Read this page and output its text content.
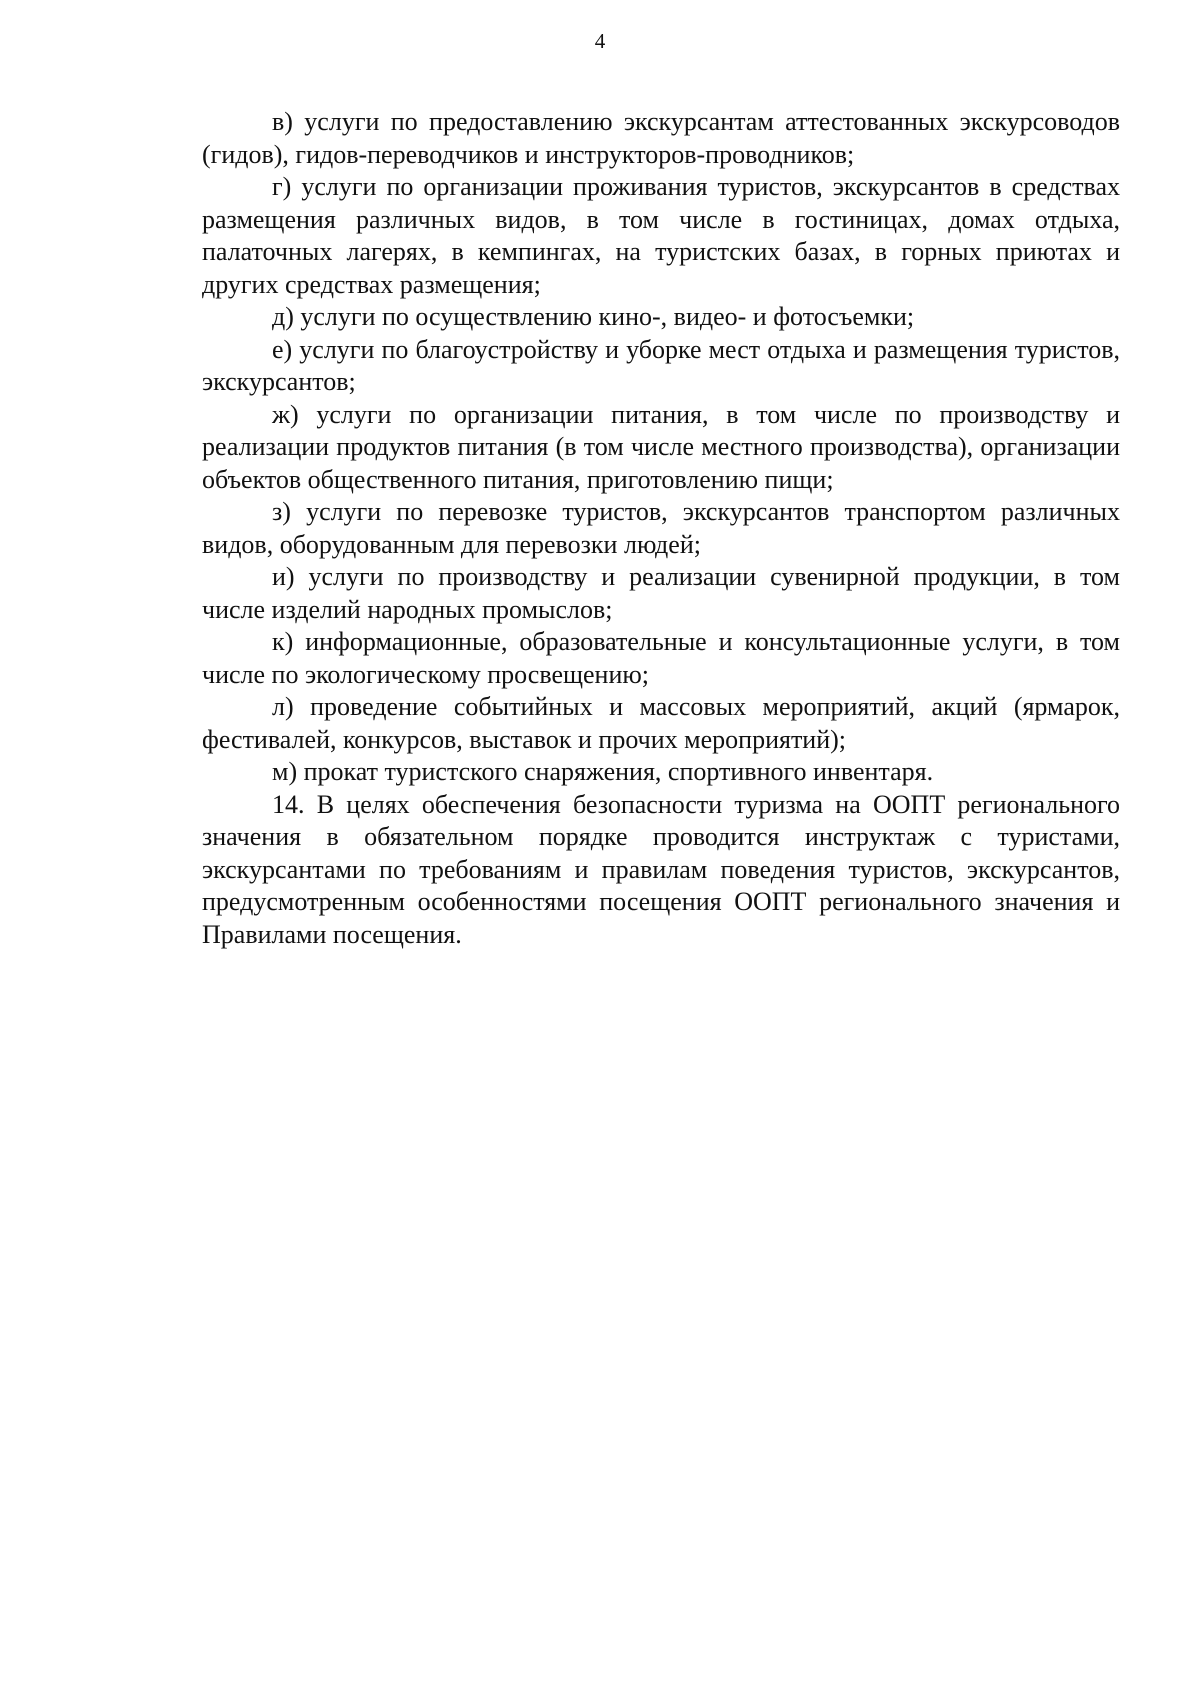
4

в) услуги по предоставлению экскурсантам аттестованных экскурсоводов (гидов), гидов-переводчиков и инструкторов-проводников;

г) услуги по организации проживания туристов, экскурсантов в средствах размещения различных видов, в том числе в гостиницах, домах отдыха, палаточных лагерях, в кемпингах, на туристских базах, в горных приютах и других средствах размещения;

д) услуги по осуществлению кино-, видео- и фотосъемки;

е) услуги по благоустройству и уборке мест отдыха и размещения туристов, экскурсантов;

ж) услуги по организации питания, в том числе по производству и реализации продуктов питания (в том числе местного производства), организации объектов общественного питания, приготовлению пищи;

з) услуги по перевозке туристов, экскурсантов транспортом различных видов, оборудованным для перевозки людей;

и) услуги по производству и реализации сувенирной продукции, в том числе изделий народных промыслов;

к) информационные, образовательные и консультационные услуги, в том числе по экологическому просвещению;

л) проведение событийных и массовых мероприятий, акций (ярмарок, фестивалей, конкурсов, выставок и прочих мероприятий);

м) прокат туристского снаряжения, спортивного инвентаря.

14. В целях обеспечения безопасности туризма на ООПТ регионального значения в обязательном порядке проводится инструктаж с туристами, экскурсантами по требованиям и правилам поведения туристов, экскурсантов, предусмотренным особенностями посещения ООПТ регионального значения и Правилами посещения.
